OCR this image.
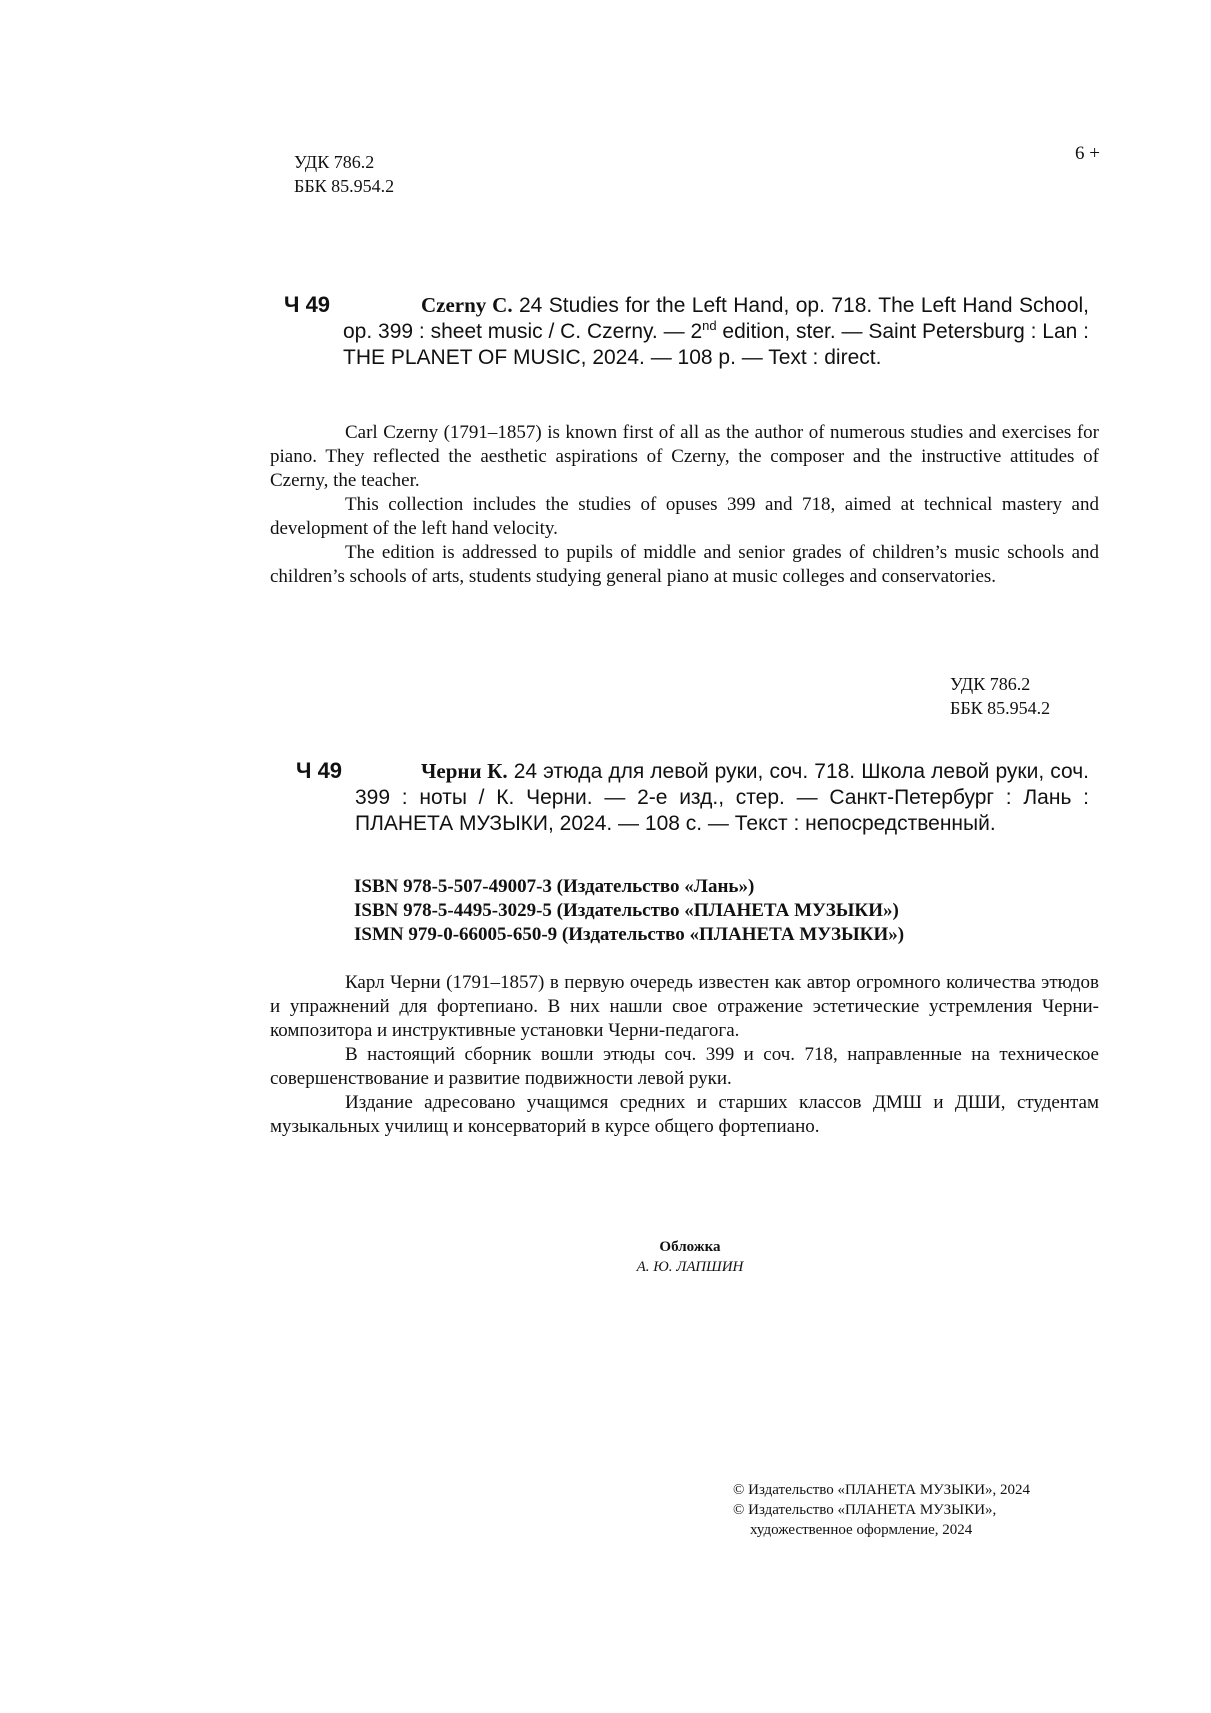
УДК 786.2
ББК 85.954.2
6 +
Ч 49	Czerny C. 24 Studies for the Left Hand, op. 718. The Left Hand School, op. 399 : sheet music / C. Czerny. — 2nd edition, ster. — Saint Petersburg : Lan : THE PLANET OF MUSIC, 2024. — 108 p. — Text : direct.

Carl Czerny (1791–1857) is known first of all as the author of numerous studies and exercises for piano. They reflected the aesthetic aspirations of Czerny, the composer and the instructive attitudes of Czerny, the teacher.

This collection includes the studies of opuses 399 and 718, aimed at technical mastery and development of the left hand velocity.

The edition is addressed to pupils of middle and senior grades of children’s music schools and children’s schools of arts, students studying general piano at music colleges and conservatories.

УДК 786.2
ББК 85.954.2
Ч 49	Черни К. 24 этюда для левой руки, соч. 718. Школа левой руки, соч. 399 : ноты / К. Черни. — 2-е изд., стер. — Санкт-Петербург : Лань : ПЛАНЕТА МУЗЫКИ, 2024. — 108 с. — Текст : непосредственный.
ISBN 978-5-507-49007-3 (Издательство «Лань»)
ISBN 978-5-4495-3029-5 (Издательство «ПЛАНЕТА МУЗЫКИ»)
ISMN 979-0-66005-650-9 (Издательство «ПЛАНЕТА МУЗЫКИ»)

Карл Черни (1791–1857) в первую очередь известен как автор огромного количества этюдов и упражнений для фортепиано. В них нашли свое отражение эстетические устремления Черни-композитора и инструктивные установки Черни-педагога.

В настоящий сборник вошли этюды соч. 399 и соч. 718, направленные на техническое совершенствование и развитие подвижности левой руки.

Издание адресовано учащимся средних и старших классов ДМШ и ДШИ, студентам музыкальных училищ и консерваторий в курсе общего фортепиано.

Обложка
А. Ю. ЛАПШИН
© Издательство «ПЛАНЕТА МУЗЫКИ», 2024
© Издательство «ПЛАНЕТА МУЗЫКИ»,
художественное оформление, 2024
